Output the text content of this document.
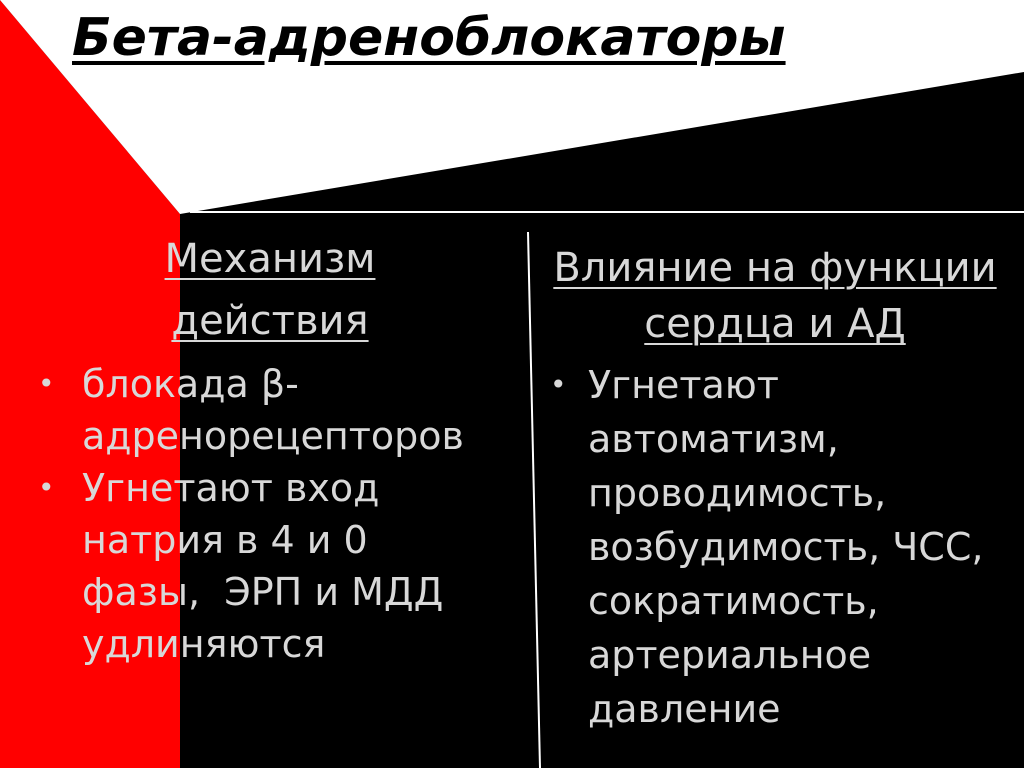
Бета-адреноблокаторы
Механизм
действия
Влияние на функции
сердца и АД
• блокада β-
адренорецепторов
• Угнетают вход
натрия в 4 и 0
фазы,  ЭРП и МДД
удлиняются
• Угнетают
автоматизм,
проводимость,
возбудимость, ЧСС,
сократимость,
артериальное
давление
